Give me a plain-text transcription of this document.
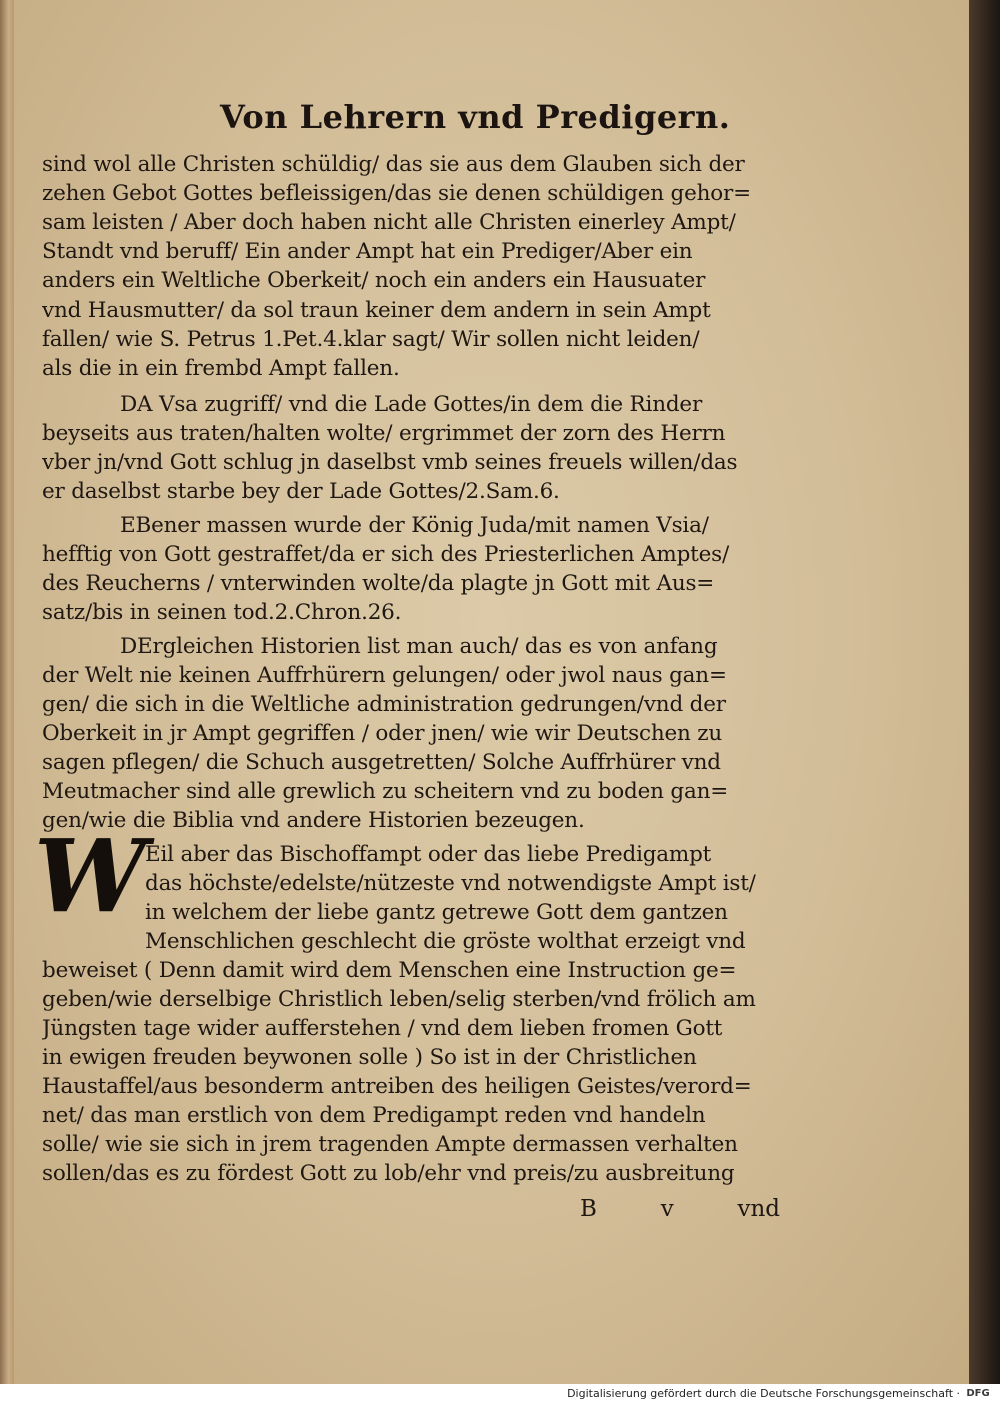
Von Lehrern vnd Predigern.
sind wol alle Christen schüldig/ das sie aus dem Glauben sich der
zehen Gebot Gottes befleissigen/das sie denen schüldigen gehor=
sam leisten / Aber doch haben nicht alle Christen einerley Ampt/
Standt vnd beruff/ Ein ander Ampt hat ein Prediger/Aber ein
anders ein Weltliche Oberkeit/ noch ein anders ein Hausuater
vnd Hausmutter/ da sol traun keiner dem andern in sein Ampt
fallen/ wie S. Petrus 1.Pet.4.klar sagt/ Wir sollen nicht leiden/
als die in ein frembd Ampt fallen.
DA Vsa zugriff/ vnd die Lade Gottes/in dem die Rinder
beyseits aus traten/halten wolte/ ergrimmet der zorn des Herrn
vber jn/vnd Gott schlug jn daselbst vmb seines freuels willen/das
er daselbst starbe bey der Lade Gottes/2.Sam.6.
EBener massen wurde der König Juda/mit namen Vsia/
hefftig von Gott gestraffet/da er sich des Priesterlichen Amptes/
des Reucherns / vnterwinden wolte/da plagte jn Gott mit Aus=
satz/bis in seinen tod.2.Chron.26.
DErgleichen Historien list man auch/ das es von anfang
der Welt nie keinen Auffrhürern gelungen/ oder jwol naus gan=
gen/ die sich in die Weltliche administration gedrungen/vnd der
Oberkeit in jr Ampt gegriffen / oder jnen/ wie wir Deutschen zu
sagen pflegen/ die Schuch ausgetretten/ Solche Auffrhürer vnd
Meutmacher sind alle grewlich zu scheitern vnd zu boden gan=
gen/wie die Biblia vnd andere Historien bezeugen.
W
Eil aber das Bischoffampt oder das liebe Predigampt
das höchste/edelste/nützeste vnd notwendigste Ampt ist/
in welchem der liebe gantz getrewe Gott dem gantzen
Menschlichen geschlecht die gröste wolthat erzeigt vnd
beweiset ( Denn damit wird dem Menschen eine Instruction ge=
geben/wie derselbige Christlich leben/selig sterben/vnd frölich am
Jüngsten tage wider aufferstehen / vnd dem lieben fromen Gott
in ewigen freuden beywonen solle ) So ist in der Christlichen
Haustaffel/aus besonderm antreiben des heiligen Geistes/verord=
net/ das man erstlich von dem Predigampt reden vnd handeln
solle/ wie sie sich in jrem tragenden Ampte dermassen verhalten
sollen/das es zu fördest Gott zu lob/ehr vnd preis/zu ausbreitung
B	v	vnd
Digitalisierung gefördert durch die Deutsche Forschungsgemeinschaft · DFG
